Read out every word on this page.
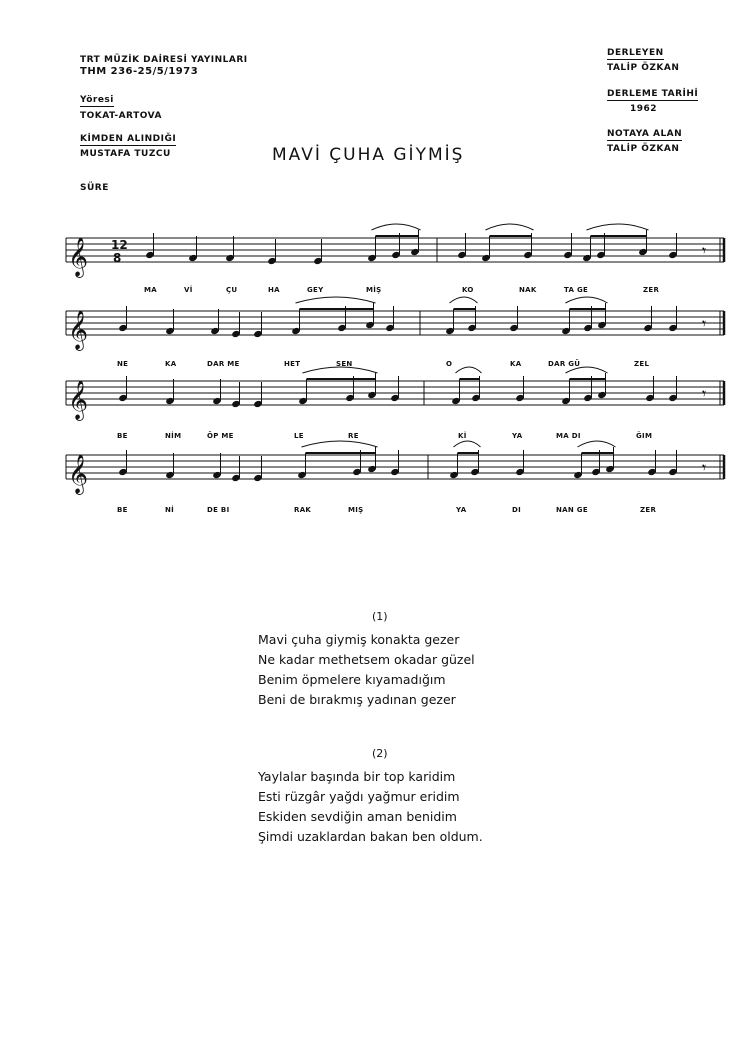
TRT MÜZİK DAİRESİ YAYINLARI
THM 236-25/5/1973
Yöresi
TOKAT-ARTOVA
KİMDEN ALINDIĞI
MUSTAFA TUZCU
SÜRE
DERLEYEN
TALİP ÖZKAN
DERLEME TARİHİ
1962
NOTAYA ALAN
TALİP ÖZKAN
MAVİ ÇUHA GİYMİŞ
𝄞 12
8	𝄾
𝄞	𝄾
𝄞	𝄾
𝄞	𝄾
MA	Vİ	ÇU	HA	GEY	MİŞ	KO	NAK	TA GE	ZER
NE	KA	DAR ME	HET	SEN	O	KA	DAR GÜ	ZEL
BE	NİM	ÖP ME	LE	RE	Kİ	YA	MA DI	ĞIM
BE	Nİ	DE BI	RAK	MIŞ	YA	DI	NAN GE	ZER
(1)
Mavi çuha giymiş konakta gezer
Ne kadar methetsem okadar güzel
Benim öpmelere kıyamadığım
Beni de bırakmış yadınan gezer
(2)
Yaylalar başında bir top karidim
Esti rüzgâr yağdı yağmur eridim
Eskiden sevdiğin aman benidim
Şimdi uzaklardan bakan ben oldum.
